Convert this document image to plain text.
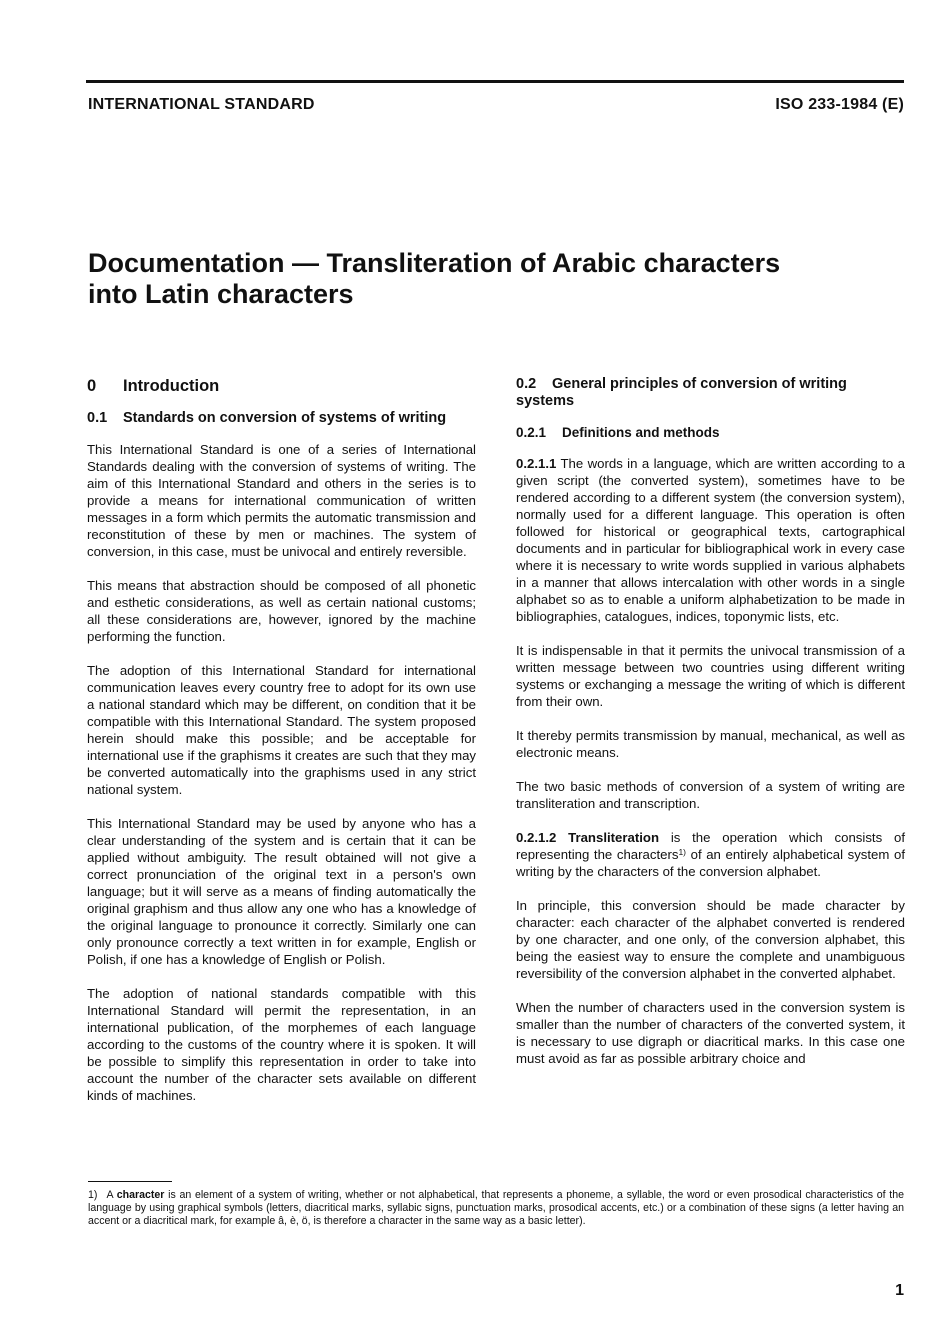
INTERNATIONAL STANDARD	ISO 233-1984 (E)
Documentation — Transliteration of Arabic characters
into Latin characters
0 Introduction
0.1 Standards on conversion of systems of writing

This International Standard is one of a series of International Standards dealing with the conversion of systems of writing. The aim of this International Standard and others in the series is to provide a means for international communication of written messages in a form which permits the automatic transmission and reconstitution of these by men or machines. The system of conversion, in this case, must be univocal and entirely reversible.

This means that abstraction should be composed of all phonetic and esthetic considerations, as well as certain national customs; all these considerations are, however, ignored by the machine performing the function.

The adoption of this International Standard for international communication leaves every country free to adopt for its own use a national standard which may be different, on condition that it be compatible with this International Standard. The system proposed herein should make this possible; and be acceptable for international use if the graphisms it creates are such that they may be converted automatically into the graphisms used in any strict national system.

This International Standard may be used by anyone who has a clear understanding of the system and is certain that it can be applied without ambiguity. The result obtained will not give a correct pronunciation of the original text in a person's own language; but it will serve as a means of finding automatically the original graphism and thus allow any one who has a knowledge of the original language to pronounce it correctly. Similarly one can only pronounce correctly a text written in for example, English or Polish, if one has a knowledge of English or Polish.

The adoption of national standards compatible with this International Standard will permit the representation, in an international publication, of the morphemes of each language according to the customs of the country where it is spoken. It will be possible to simplify this representation in order to take into account the number of the character sets available on different kinds of machines.

0.2 General principles of conversion of writing systems
0.2.1 Definitions and methods

0.2.1.1 The words in a language, which are written according to a given script (the converted system), sometimes have to be rendered according to a different system (the conversion system), normally used for a different language. This operation is often followed for historical or geographical texts, cartographical documents and in particular for bibliographical work in every case where it is necessary to write words supplied in various alphabets in a manner that allows intercalation with other words in a single alphabet so as to enable a uniform alphabetization to be made in bibliographies, catalogues, indices, toponymic lists, etc.

It is indispensable in that it permits the univocal transmission of a written message between two countries using different writing systems or exchanging a message the writing of which is different from their own.

It thereby permits transmission by manual, mechanical, as well as electronic means.

The two basic methods of conversion of a system of writing are transliteration and transcription.

0.2.1.2 Transliteration is the operation which consists of representing the characters$^{1)}$ of an entirely alphabetical system of writing by the characters of the conversion alphabet.

In principle, this conversion should be made character by character: each character of the alphabet converted is rendered by one character, and one only, of the conversion alphabet, this being the easiest way to ensure the complete and unambiguous reversibility of the conversion alphabet in the converted alphabet.

When the number of characters used in the conversion system is smaller than the number of characters of the converted system, it is necessary to use digraph or diacritical marks. In this case one must avoid as far as possible arbitrary choice and

1) A character is an element of a system of writing, whether or not alphabetical, that represents a phoneme, a syllable, the word or even prosodical characteristics of the language by using graphical symbols (letters, diacritical marks, syllabic signs, punctuation marks, prosodical accents, etc.) or a combination of these signs (a letter having an accent or a diacritical mark, for example â, è, ö, is therefore a character in the same way as a basic letter).
1
